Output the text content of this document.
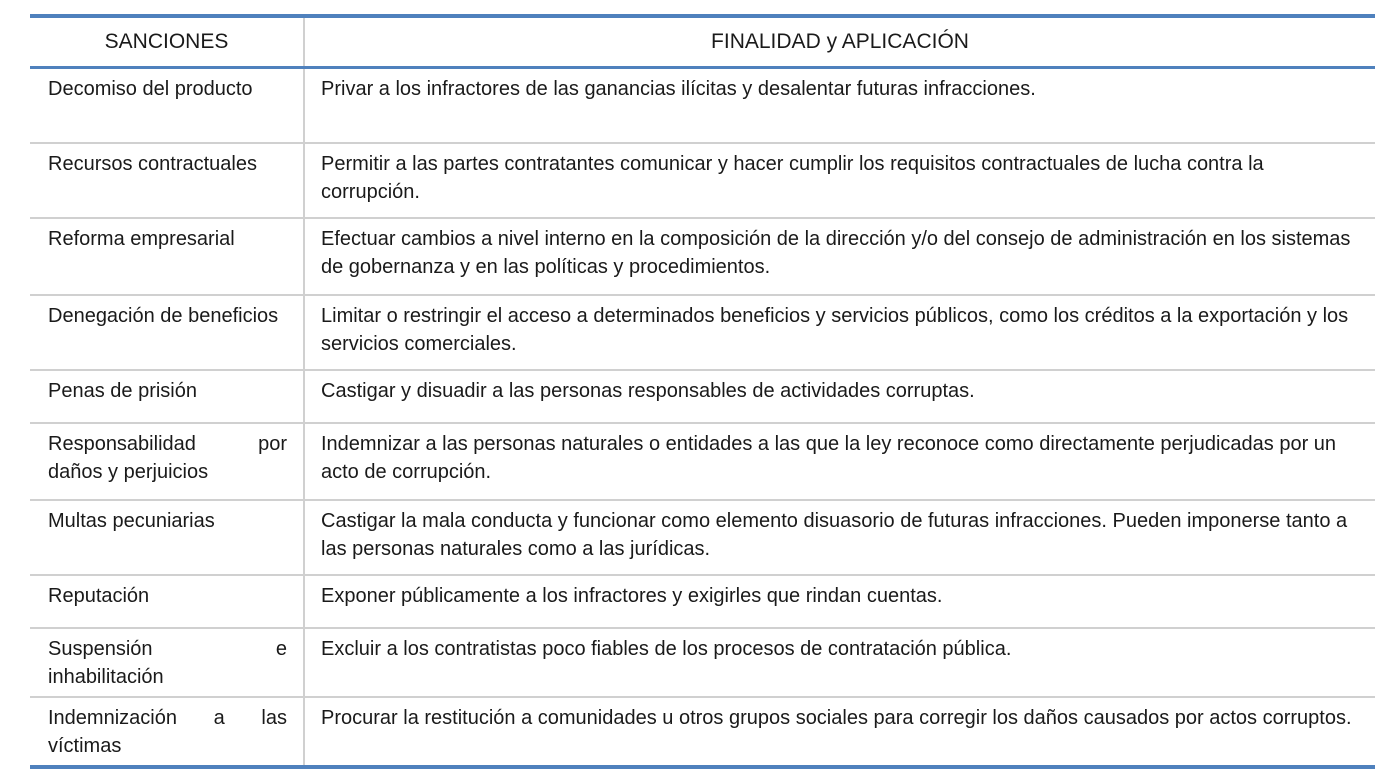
SANCIONES	FINALIDAD y APLICACIÓN
Decomiso del producto	Privar a los infractores de las ganancias ilícitas y desalentar futuras infracciones.
Recursos contractuales	Permitir a las partes contratantes comunicar y hacer cumplir los requisitos contractuales de lucha contra la corrupción.
Reforma empresarial	Efectuar cambios a nivel interno en la composición de la dirección y/o del consejo de administración en los sistemas de gobernanza y en las políticas y procedimientos.
Denegación de beneficios	Limitar o restringir el acceso a determinados beneficios y servicios públicos, como los créditos a la exportación y los servicios comerciales.
Penas de prisión	Castigar y disuadir a las personas responsables de actividades corruptas.
Responsabilidad por daños y perjuicios	Indemnizar a las personas naturales o entidades a las que la ley reconoce como directamente perjudicadas por un acto de corrupción.
Multas pecuniarias	Castigar la mala conducta y funcionar como elemento disuasorio de futuras infracciones. Pueden imponerse tanto a las personas naturales como a las jurídicas.
Reputación	Exponer públicamente a los infractores y exigirles que rindan cuentas.
Suspensión e inhabilitación	Excluir a los contratistas poco fiables de los procesos de contratación pública.
Indemnización a las víctimas	Procurar la restitución a comunidades u otros grupos sociales para corregir los daños causados por actos corruptos.
